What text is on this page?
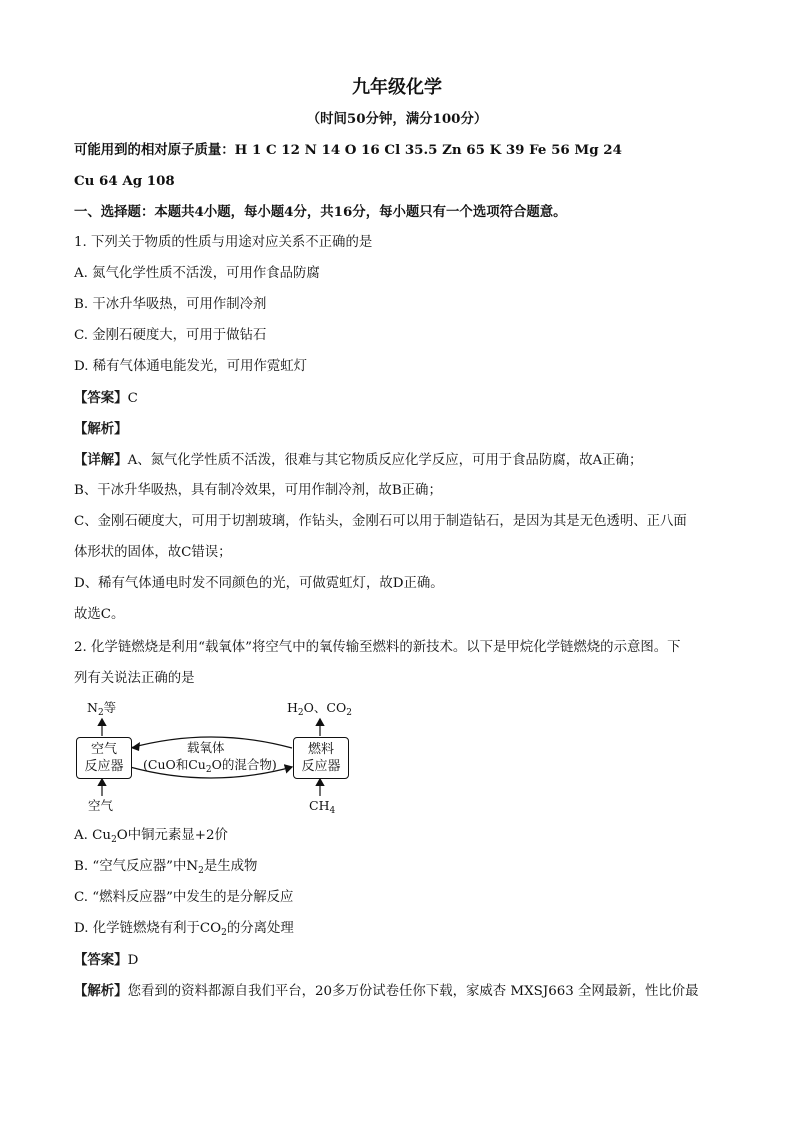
九年级化学
（时间50分钟，满分100分）
可能用到的相对原子质量：H 1 C 12 N 14 O 16 Cl 35.5 Zn 65 K 39 Fe 56 Mg 24
Cu 64 Ag 108
一、选择题：本题共4小题，每小题4分，共16分，每小题只有一个选项符合题意。
1. 下列关于物质的性质与用途对应关系不正确的是
A. 氮气化学性质不活泼，可用作食品防腐
B. 干冰升华吸热，可用作制冷剂
C. 金刚石硬度大，可用于做钻石
D. 稀有气体通电能发光，可用作霓虹灯
【答案】C
【解析】
【详解】A、氮气化学性质不活泼，很难与其它物质反应化学反应，可用于食品防腐，故A正确；
B、干冰升华吸热，具有制冷效果，可用作制冷剂，故B正确；
C、金刚石硬度大，可用于切割玻璃，作钻头，金刚石可以用于制造钻石，是因为其是无色透明、正八面
体形状的固体，故C错误；
D、稀有气体通电时发不同颜色的光，可做霓虹灯，故D正确。
故选C。
2. 化学链燃烧是利用“载氧体”将空气中的氧传输至燃料的新技术。以下是甲烷化学链燃烧的示意图。下
列有关说法正确的是
空气
反应器
燃料
反应器
载氧体
(CuO和$Cu_2O$的混合物)
$N_2$等	$H_2O$、$CO_2$
空气	$CH_4$
A. $Cu_2O$中铜元素显+2价
B. “空气反应器”中$N_2$是生成物
C. “燃料反应器”中发生的是分解反应
D. 化学链燃烧有利于$CO_2$的分离处理
【答案】D
【解析】您看到的资料都源自我们平台，20多万份试卷任你下载，家威杏 MXSJ663 全网最新，性比价最
